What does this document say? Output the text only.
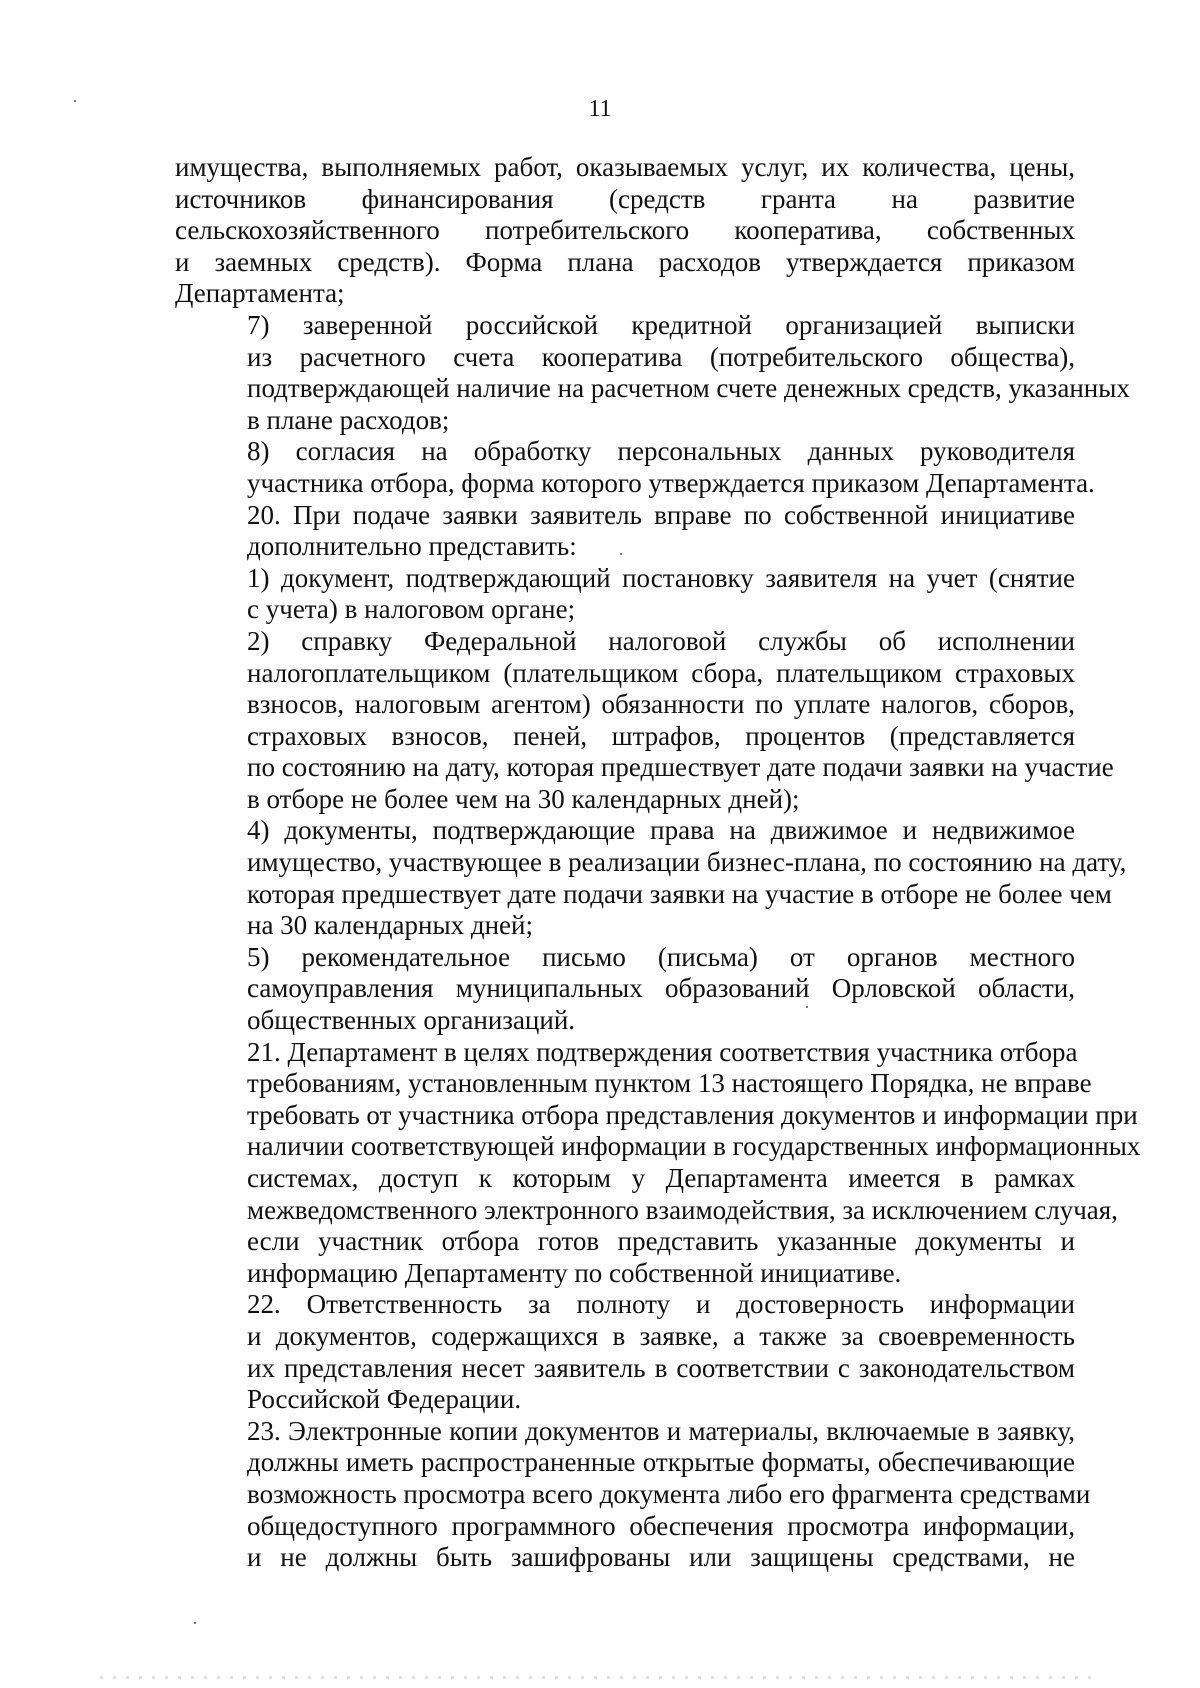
11

имущества, выполняемых работ, оказываемых услуг, их количества, цены,
источников финансирования (средств гранта на развитие
сельскохозяйственного потребительского кооператива, собственных
и заемных средств). Форма плана расходов утверждается приказом
Департамента;

7) заверенной российской кредитной организацией выписки
из расчетного счета кооператива (потребительского общества),
подтверждающей наличие на расчетном счете денежных средств, указанных
в плане расходов;

8) согласия на обработку персональных данных руководителя
участника отбора, форма которого утверждается приказом Департамента.

20. При подаче заявки заявитель вправе по собственной инициативе
дополнительно представить:

1) документ, подтверждающий постановку заявителя на учет (снятие
с учета) в налоговом органе;

2) справку Федеральной налоговой службы об исполнении
налогоплательщиком (плательщиком сбора, плательщиком страховых
взносов, налоговым агентом) обязанности по уплате налогов, сборов,
страховых взносов, пеней, штрафов, процентов (представляется
по состоянию на дату, которая предшествует дате подачи заявки на участие
в отборе не более чем на 30 календарных дней);

4) документы, подтверждающие права на движимое и недвижимое
имущество, участвующее в реализации бизнес-плана, по состоянию на дату,
которая предшествует дате подачи заявки на участие в отборе не более чем
на 30 календарных дней;

5) рекомендательное письмо (письма) от органов местного
самоуправления муниципальных образований Орловской области,
общественных организаций.

21. Департамент в целях подтверждения соответствия участника отбора
требованиям, установленным пунктом 13 настоящего Порядка, не вправе
требовать от участника отбора представления документов и информации при
наличии соответствующей информации в государственных информационных
системах, доступ к которым у Департамента имеется в рамках
межведомственного электронного взаимодействия, за исключением случая,
если участник отбора готов представить указанные документы и
информацию Департаменту по собственной инициативе.

22. Ответственность за полноту и достоверность информации
и документов, содержащихся в заявке, а также за своевременность
их представления несет заявитель в соответствии с законодательством
Российской Федерации.

23. Электронные копии документов и материалы, включаемые в заявку,
должны иметь распространенные открытые форматы, обеспечивающие
возможность просмотра всего документа либо его фрагмента средствами
общедоступного программного обеспечения просмотра информации,
и не должны быть зашифрованы или защищены средствами, не
